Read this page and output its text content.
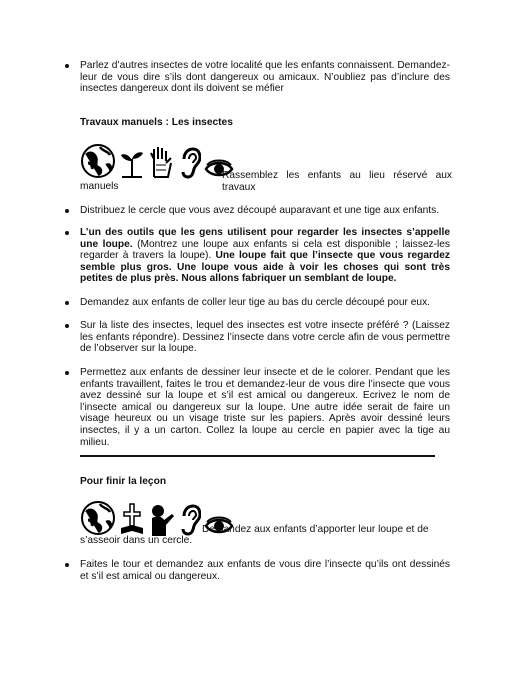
Parlez d’autres insectes de votre localité que les enfants connaissent. Demandez-leur de vous dire s’ils dont dangereux ou amicaux. N’oubliez pas d’inclure des insectes dangereux dont ils doivent se méfier

Travaux manuels : Les insectes

Rassemblez les enfants au lieu réservé aux travaux

manuels

Distribuez le cercle que vous avez découpé auparavant et une tige aux enfants.

L’un des outils que les gens utilisent pour regarder les insectes s’appelle une loupe. (Montrez une loupe aux enfants si cela est disponible ; laissez-les regarder à travers la loupe). Une loupe fait que l’insecte que vous regardez semble plus gros. Une loupe vous aide à voir les choses qui sont très petites de plus près. Nous allons fabriquer un semblant de loupe.

Demandez aux enfants de coller leur tige au bas du cercle découpé pour eux.

Sur la liste des insectes, lequel des insectes est votre insecte préféré ? (Laissez les enfants répondre). Dessinez l’insecte dans votre cercle afin de vous permettre de l’observer sur la loupe.

Permettez aux enfants de dessiner leur insecte et de le colorer. Pendant que les enfants travaillent, faites le trou et demandez-leur de vous dire l’insecte que vous avez dessiné sur la loupe et s’il est amical ou dangereux. Ecrivez le nom de l’insecte amical ou dangereux sur la loupe. Une autre idée serait de faire un visage heureux ou un visage triste sur les papiers. Après avoir dessiné leurs insectes, il y a un carton. Collez la loupe au cercle en papier avec la tige au milieu.

Pour finir la leçon

Demandez aux enfants d’apporter leur loupe et de

s’asseoir dans un cercle.

Faites le tour et demandez aux enfants de vous dire l’insecte qu’ils ont dessinés et s’il est amical ou dangereux.
